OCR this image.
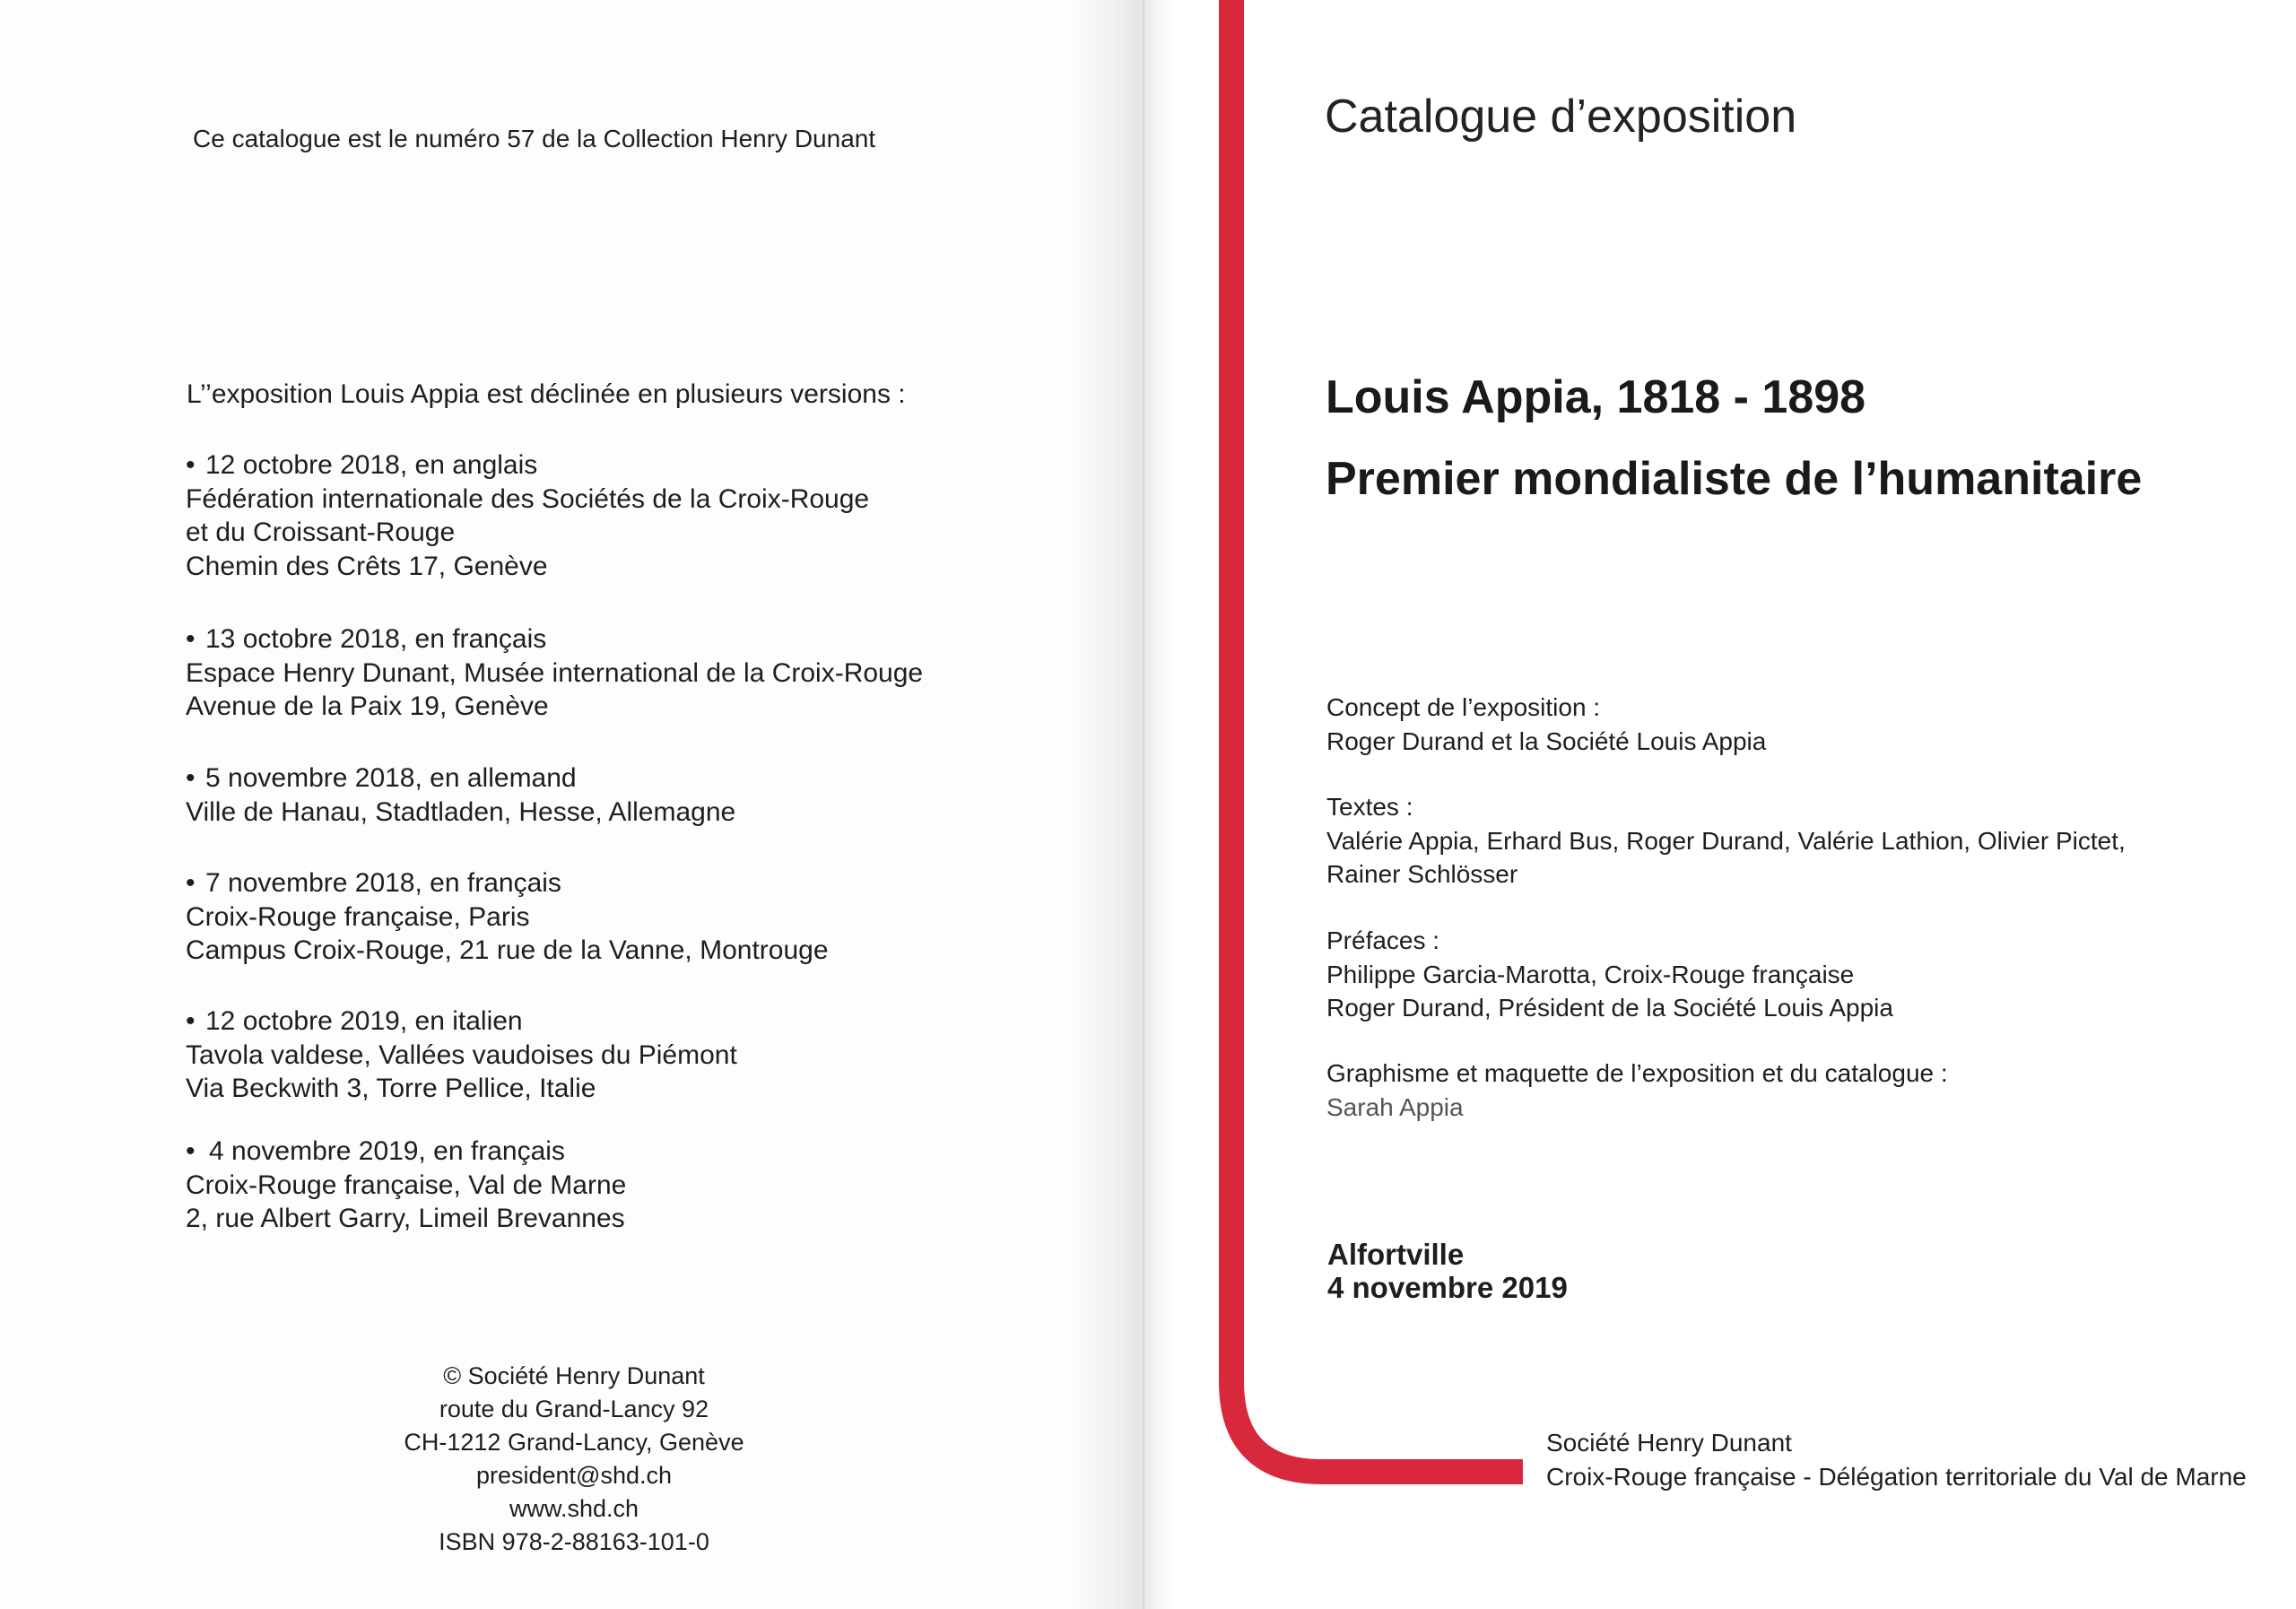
Ce catalogue est le numéro 57 de la Collection Henry Dunant
L’’exposition Louis Appia est déclinée en plusieurs versions :
• 12 octobre 2018, en anglais
Fédération internationale des Sociétés de la Croix-Rouge
et du Croissant-Rouge
Chemin des Crêts 17, Genève
• 13 octobre 2018, en français
Espace Henry Dunant, Musée international de la Croix-Rouge
Avenue de la Paix 19, Genève
• 5 novembre 2018, en allemand
Ville de Hanau, Stadtladen, Hesse, Allemagne
• 7 novembre 2018, en français
Croix-Rouge française, Paris
Campus Croix-Rouge, 21 rue de la Vanne, Montrouge
• 12 octobre 2019, en italien
Tavola valdese, Vallées vaudoises du Piémont
Via Beckwith 3, Torre Pellice, Italie
• 4 novembre 2019, en français
Croix-Rouge française, Val de Marne
2, rue Albert Garry, Limeil Brevannes
© Société Henry Dunant
route du Grand-Lancy 92
CH-1212 Grand-Lancy, Genève
president@shd.ch
www.shd.ch
ISBN 978-2-88163-101-0
Catalogue d’exposition
Louis Appia, 1818 - 1898
Premier mondialiste de l’humanitaire
Concept de l’exposition :
Roger Durand et la Société Louis Appia
Textes :
Valérie Appia, Erhard Bus, Roger Durand, Valérie Lathion, Olivier Pictet,
Rainer Schlösser
Préfaces :
Philippe Garcia-Marotta, Croix-Rouge française
Roger Durand, Président de la Société Louis Appia
Graphisme et maquette de l’exposition et du catalogue :
Sarah Appia
Alfortville
4 novembre 2019
Société Henry Dunant
Croix-Rouge française - Délégation territoriale du Val de Marne
